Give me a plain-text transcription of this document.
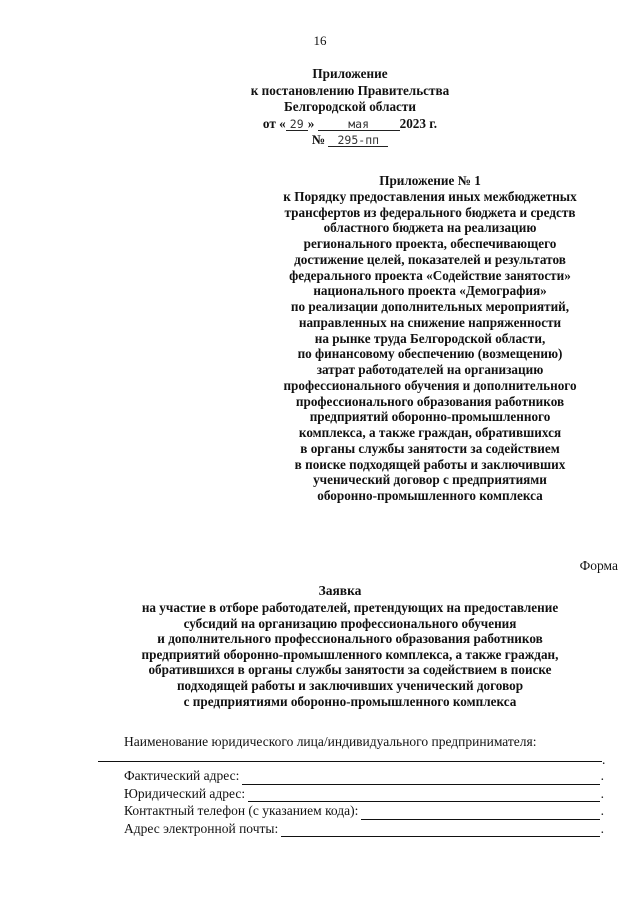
16
Приложение
к постановлению Правительства
Белгородской области
от « 29 »	мая 2023 г.
№ 295-пп
Приложение № 1
к Порядку предоставления иных межбюджетных
трансфертов из федерального бюджета и средств
областного бюджета на реализацию
регионального проекта, обеспечивающего
достижение целей, показателей и результатов
федерального проекта «Содействие занятости»
национального проекта «Демография»
по реализации дополнительных мероприятий,
направленных на снижение напряженности
на рынке труда Белгородской области,
по финансовому обеспечению (возмещению)
затрат работодателей на организацию
профессионального обучения и дополнительного
профессионального образования работников
предприятий оборонно-промышленного
комплекса, а также граждан, обратившихся
в органы службы занятости за содействием
в поиске подходящей работы и заключивших
ученический договор с предприятиями
оборонно-промышленного комплекса
Форма
Заявка
на участие в отборе работодателей, претендующих на предоставление
субсидий на организацию профессионального обучения
и дополнительного профессионального образования работников
предприятий оборонно-промышленного комплекса, а также граждан,
обратившихся в органы службы занятости за содействием в поиске
подходящей работы и заключивших ученический договор
с предприятиями оборонно-промышленного комплекса
Наименование юридического лица/индивидуального предпринимателя:
.
Фактический адрес:	.
Юридический адрес:	.
Контактный телефон (с указанием кода):	.
Адрес электронной почты:	.
